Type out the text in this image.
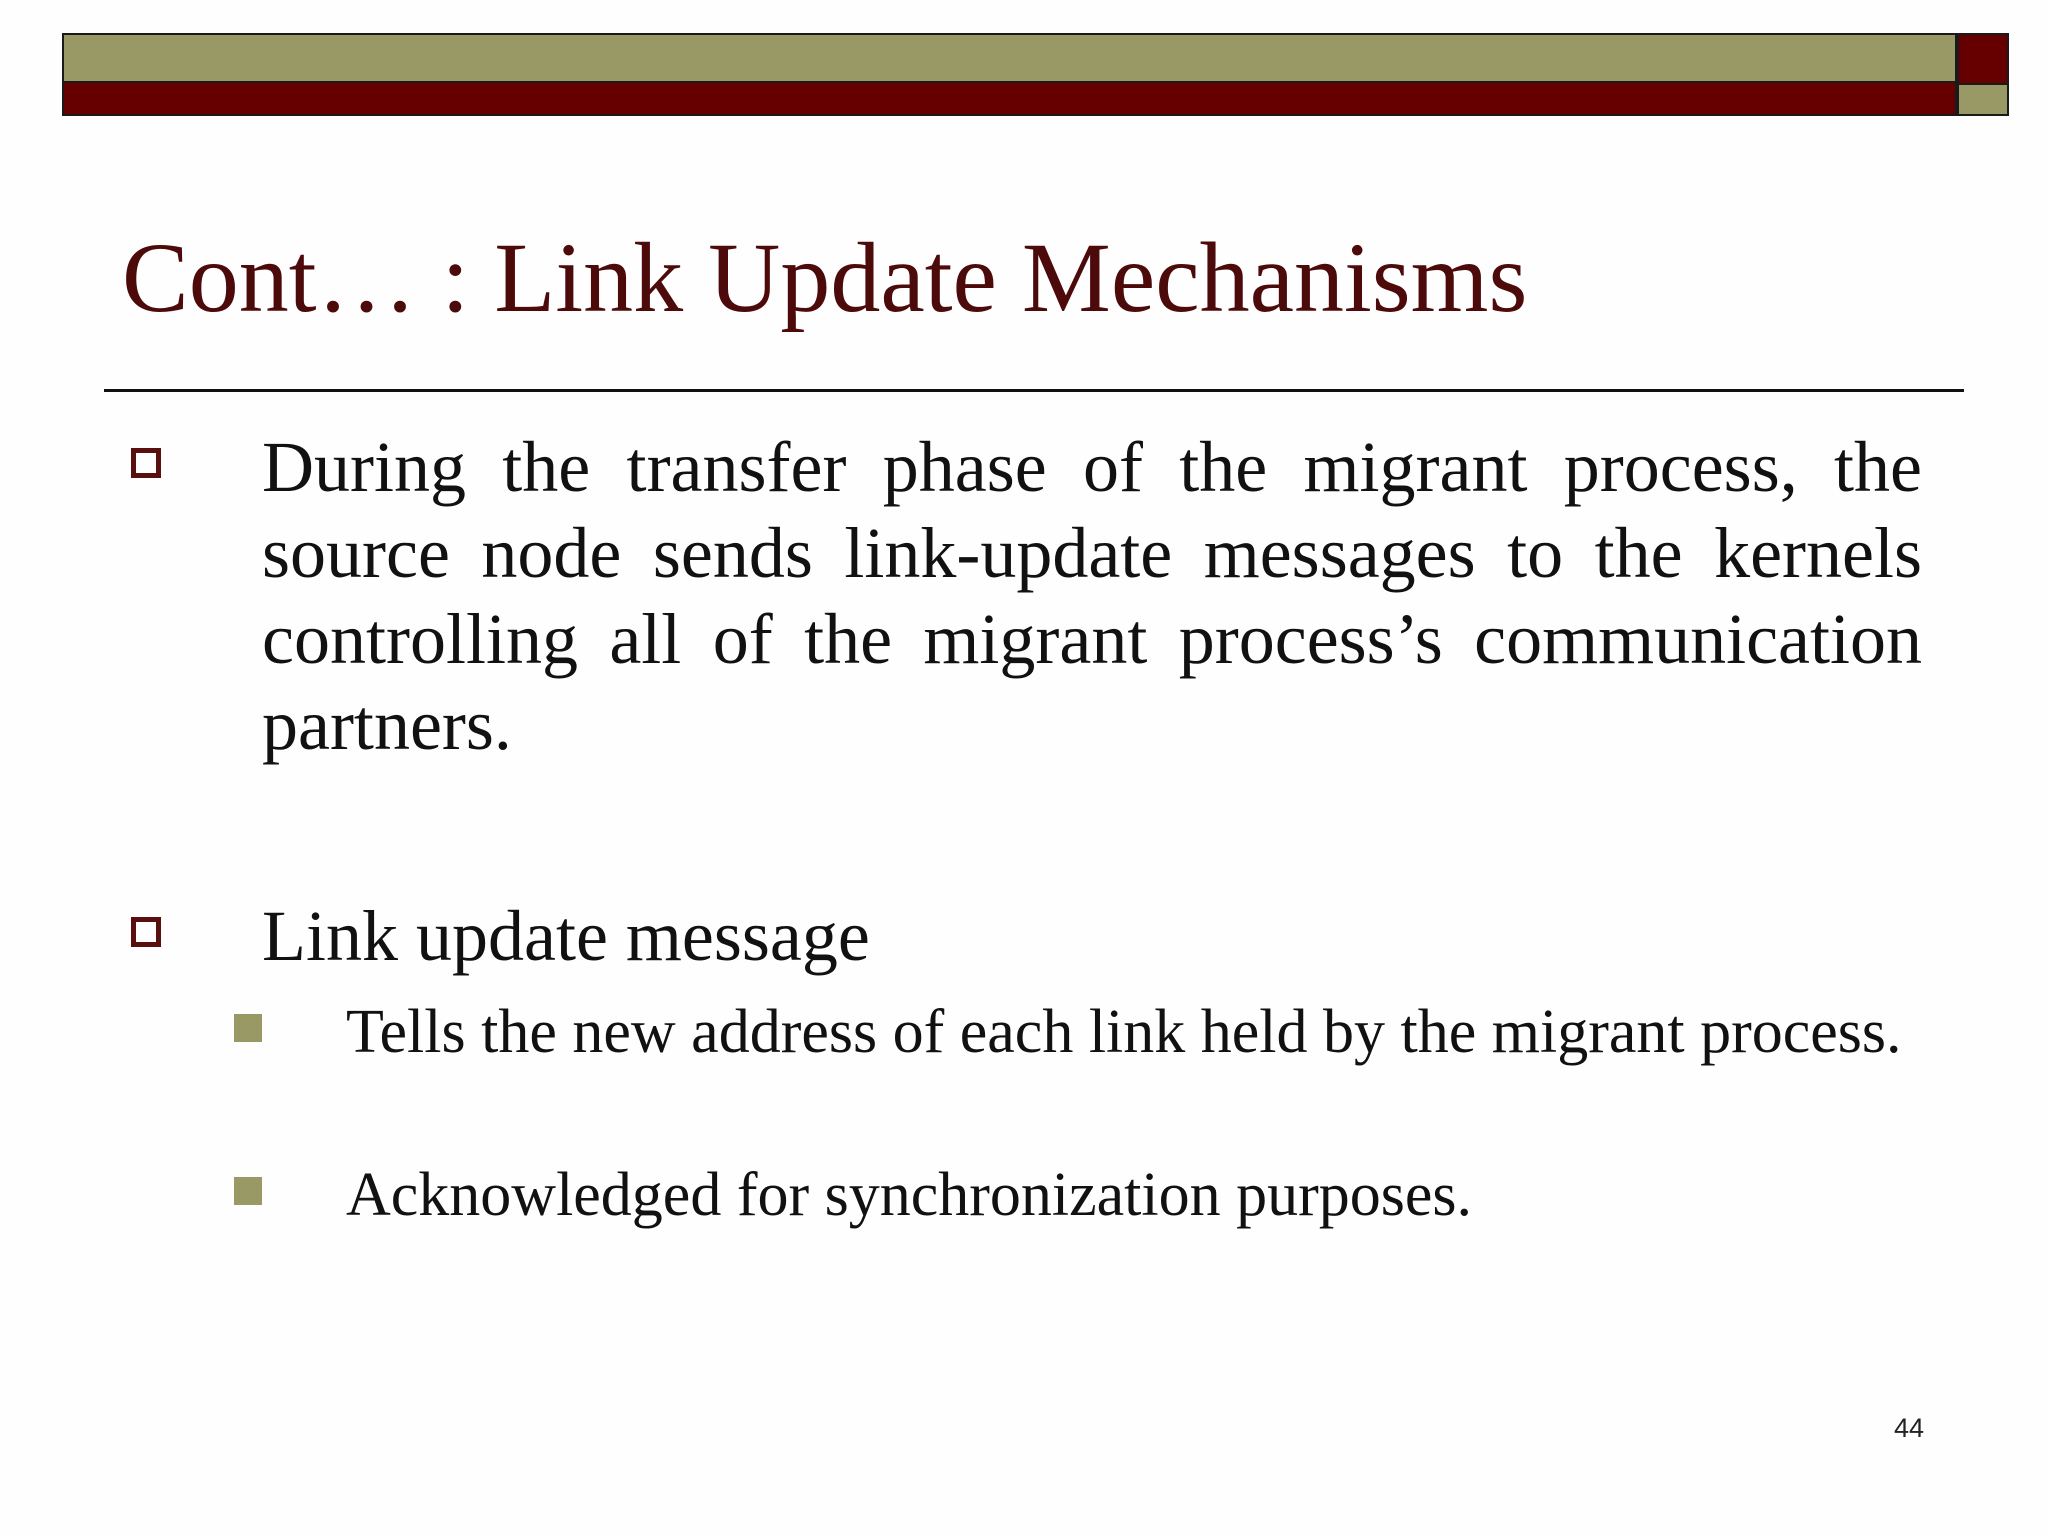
Cont… : Link Update Mechanisms
During the transfer phase of the migrant process, the source node sends link-update messages to the kernels controlling all of the migrant process’s communication partners.
Link update message
Tells the new address of each link held by the migrant process.
Acknowledged for synchronization purposes.
44
